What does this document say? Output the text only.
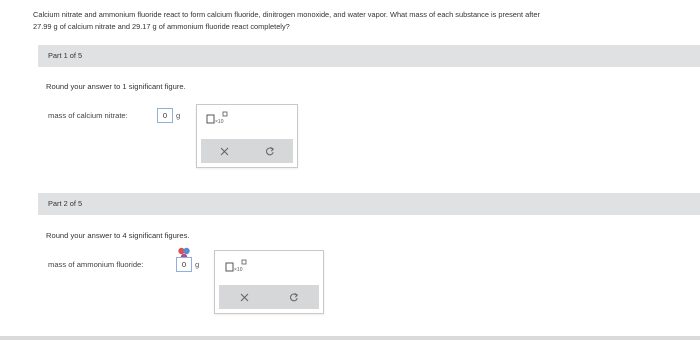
Calcium nitrate and ammonium fluoride react to form calcium fluoride, dinitrogen monoxide, and water vapor. What mass of each substance is present after
27.99 g of calcium nitrate and 29.17 g of ammonium fluoride react completely?
Part 1 of 5
Round your answer to 1 significant figure.
mass of calcium nitrate:	0	g
×10
Part 2 of 5
Round your answer to 4 significant figures.
mass of ammonium fluoride:	0	g
×10
